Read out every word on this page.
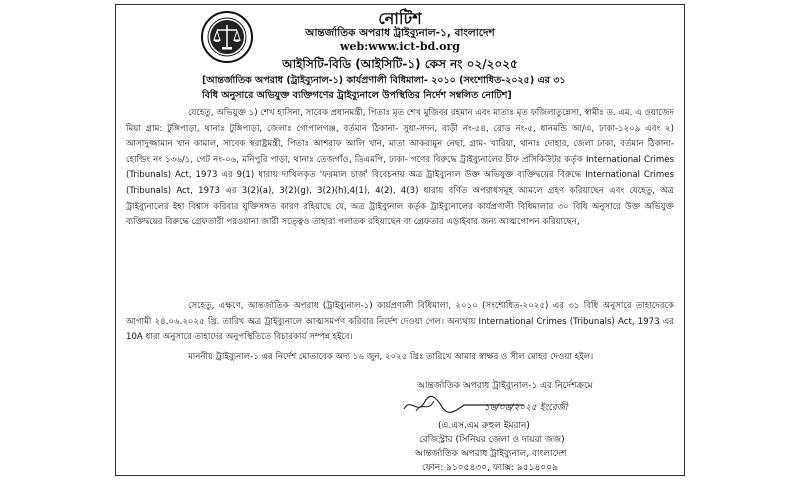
নোটিশ
আন্তর্জাতিক অপরাধ ট্রাইব্যুনাল-১, বাংলাদেশ
web:www.ict-bd.org
আইসিটি-বিডি (আইসিটি-১) কেস নং ০২/২০২৫
[আন্তর্জাতিক অপরাধ (ট্রাইব্যুনাল-১) কার্যপ্রণালী বিধিমালা- ২০১০ (সংশোধিত-২০২৫) এর ৩১ বিধি অনুসারে অভিযুক্ত ব্যক্তিগণের ট্রাইব্যুনালে উপস্থিতির নির্দেশ সম্বলিত নোটিশ]
যেহেতু, অভিযুক্ত ১) শেখ হাসিনা, সাবেক প্রধানমন্ত্রী, পিতাঃ মৃত শেখ মুজিবর রহমান এবং মাতাঃ মৃত ফজিলাতুন্নেসা, স্বামীঃ ড. এম. এ ওয়াজেদ মিয়া গ্রাম: টুঙ্গিপাড়া, থানাঃ টুঙ্গিপাড়া, জেলাঃ গোপালগঞ্জ, বর্তমান ঠিকানা- সুধা-সদন, বাড়ী নং-৫৪, রোড নং-৫, ধানমন্ডি আ/এ, ঢাকা-১২০৯ এবং ২) আসাদুজ্জামান খান কামাল, সাবেক স্বরাষ্ট্রমন্ত্রী, পিতাঃ আশরাফ আলি খান, মাতা আকরামুন নেছা, গ্রাম- খারিয়া, থানাঃ দোহার, জেলা ঢাকা, বর্তমান ঠিকানা- হোল্ডিং নং ১৩৬/১, গেট নং-০৬, মনিপুরি পাড়া, থানাঃ তেজগাঁও, ডিএমপি, ঢাকা- গণের বিরুদ্ধে ট্রাইব্যুনালের চীফ প্রসিকিউটর কর্তৃক International Crimes (Tribunals) Act, 1973 এর 9(1) ধারায় দাখিলকৃত 'ফরমাল চার্জ' বিবেচনায় অত্র ট্রাইব্যুনাল উক্ত অভিযুক্ত ব্যক্তিদ্বয়ের বিরুদ্ধে International Crimes (Tribunals) Act, 1973 এর 3(2)(a), 3(2)(g), 3(2)(h),4(1), 4(2), 4(3) ধারায় বর্ণিত অপরাধসমূহ আমলে গ্রহণ করিয়াছেন এবং যেহেতু, অত্র ট্রাইব্যুনালের ইহা বিশ্বাস করিবার যুক্তিসঙ্গত কারণ রহিয়াছে যে, অত্র ট্রাইব্যুনাল কর্তৃক ট্রাইব্যুনালের কার্যপ্রণালী বিধিমালার ৩০ বিধি অনুসারে উক্ত অভিযুক্ত ব্যক্তিদ্বয়ের বিরুদ্ধে গ্রেফতারী পরওয়ানা জারী সত্ত্বেও তাহারা পলাতক রহিয়াছেন বা গ্রেফতার এড়াইবার জন্য আত্মগোপন করিয়াছেন,
সেহেতু, এক্ষণে, আন্তর্জাতিক অপরাধ (ট্রাইব্যুনাল-১) কার্যপ্রণালী বিধিমালা, ২০১০ (সংশোধিত-২০২৫) এর ৩১ বিধি অনুসারে তাহাদেরকে আগামী ২৪.০৬.২০২৫ খ্রি. তারিখ অত্র ট্রাইব্যুনালে আত্মসমর্পণ করিবার নির্দেশ দেওয়া গেল। অন্যথায় International Crimes (Tribunals) Act, 1973 এর 10A ধারা অনুসারে তাহাদের অনুপস্থিতিতে বিচারকার্য সম্পন্ন হইবে।
মাননীয় ট্রাইব্যুনাল-১ এর নির্দেশ মোতাবেক অদ্য ১৬ জুন, ২০২৫ খ্রিঃ তারিখে আমার স্বাক্ষর ও সীল মোহর দেওয়া হইল।
আন্তর্জাতিক অপরাধ ট্রাইব্যুনাল-১ এর নির্দেশক্রমে
১৬/০৬/২০২৫ ইংরেজী
(এ.এস.এম রুহুল ইমরান)
রেজিস্ট্রার (সিনিয়র জেলা ও দায়রা জজ)
আন্তর্জাতিক অপরাধ ট্রাইব্যুনাল, বাংলাদেশ
ফোন: ৯১০৫৪৩০, ফ্যাক্স: ৯৫১৪০০৯
